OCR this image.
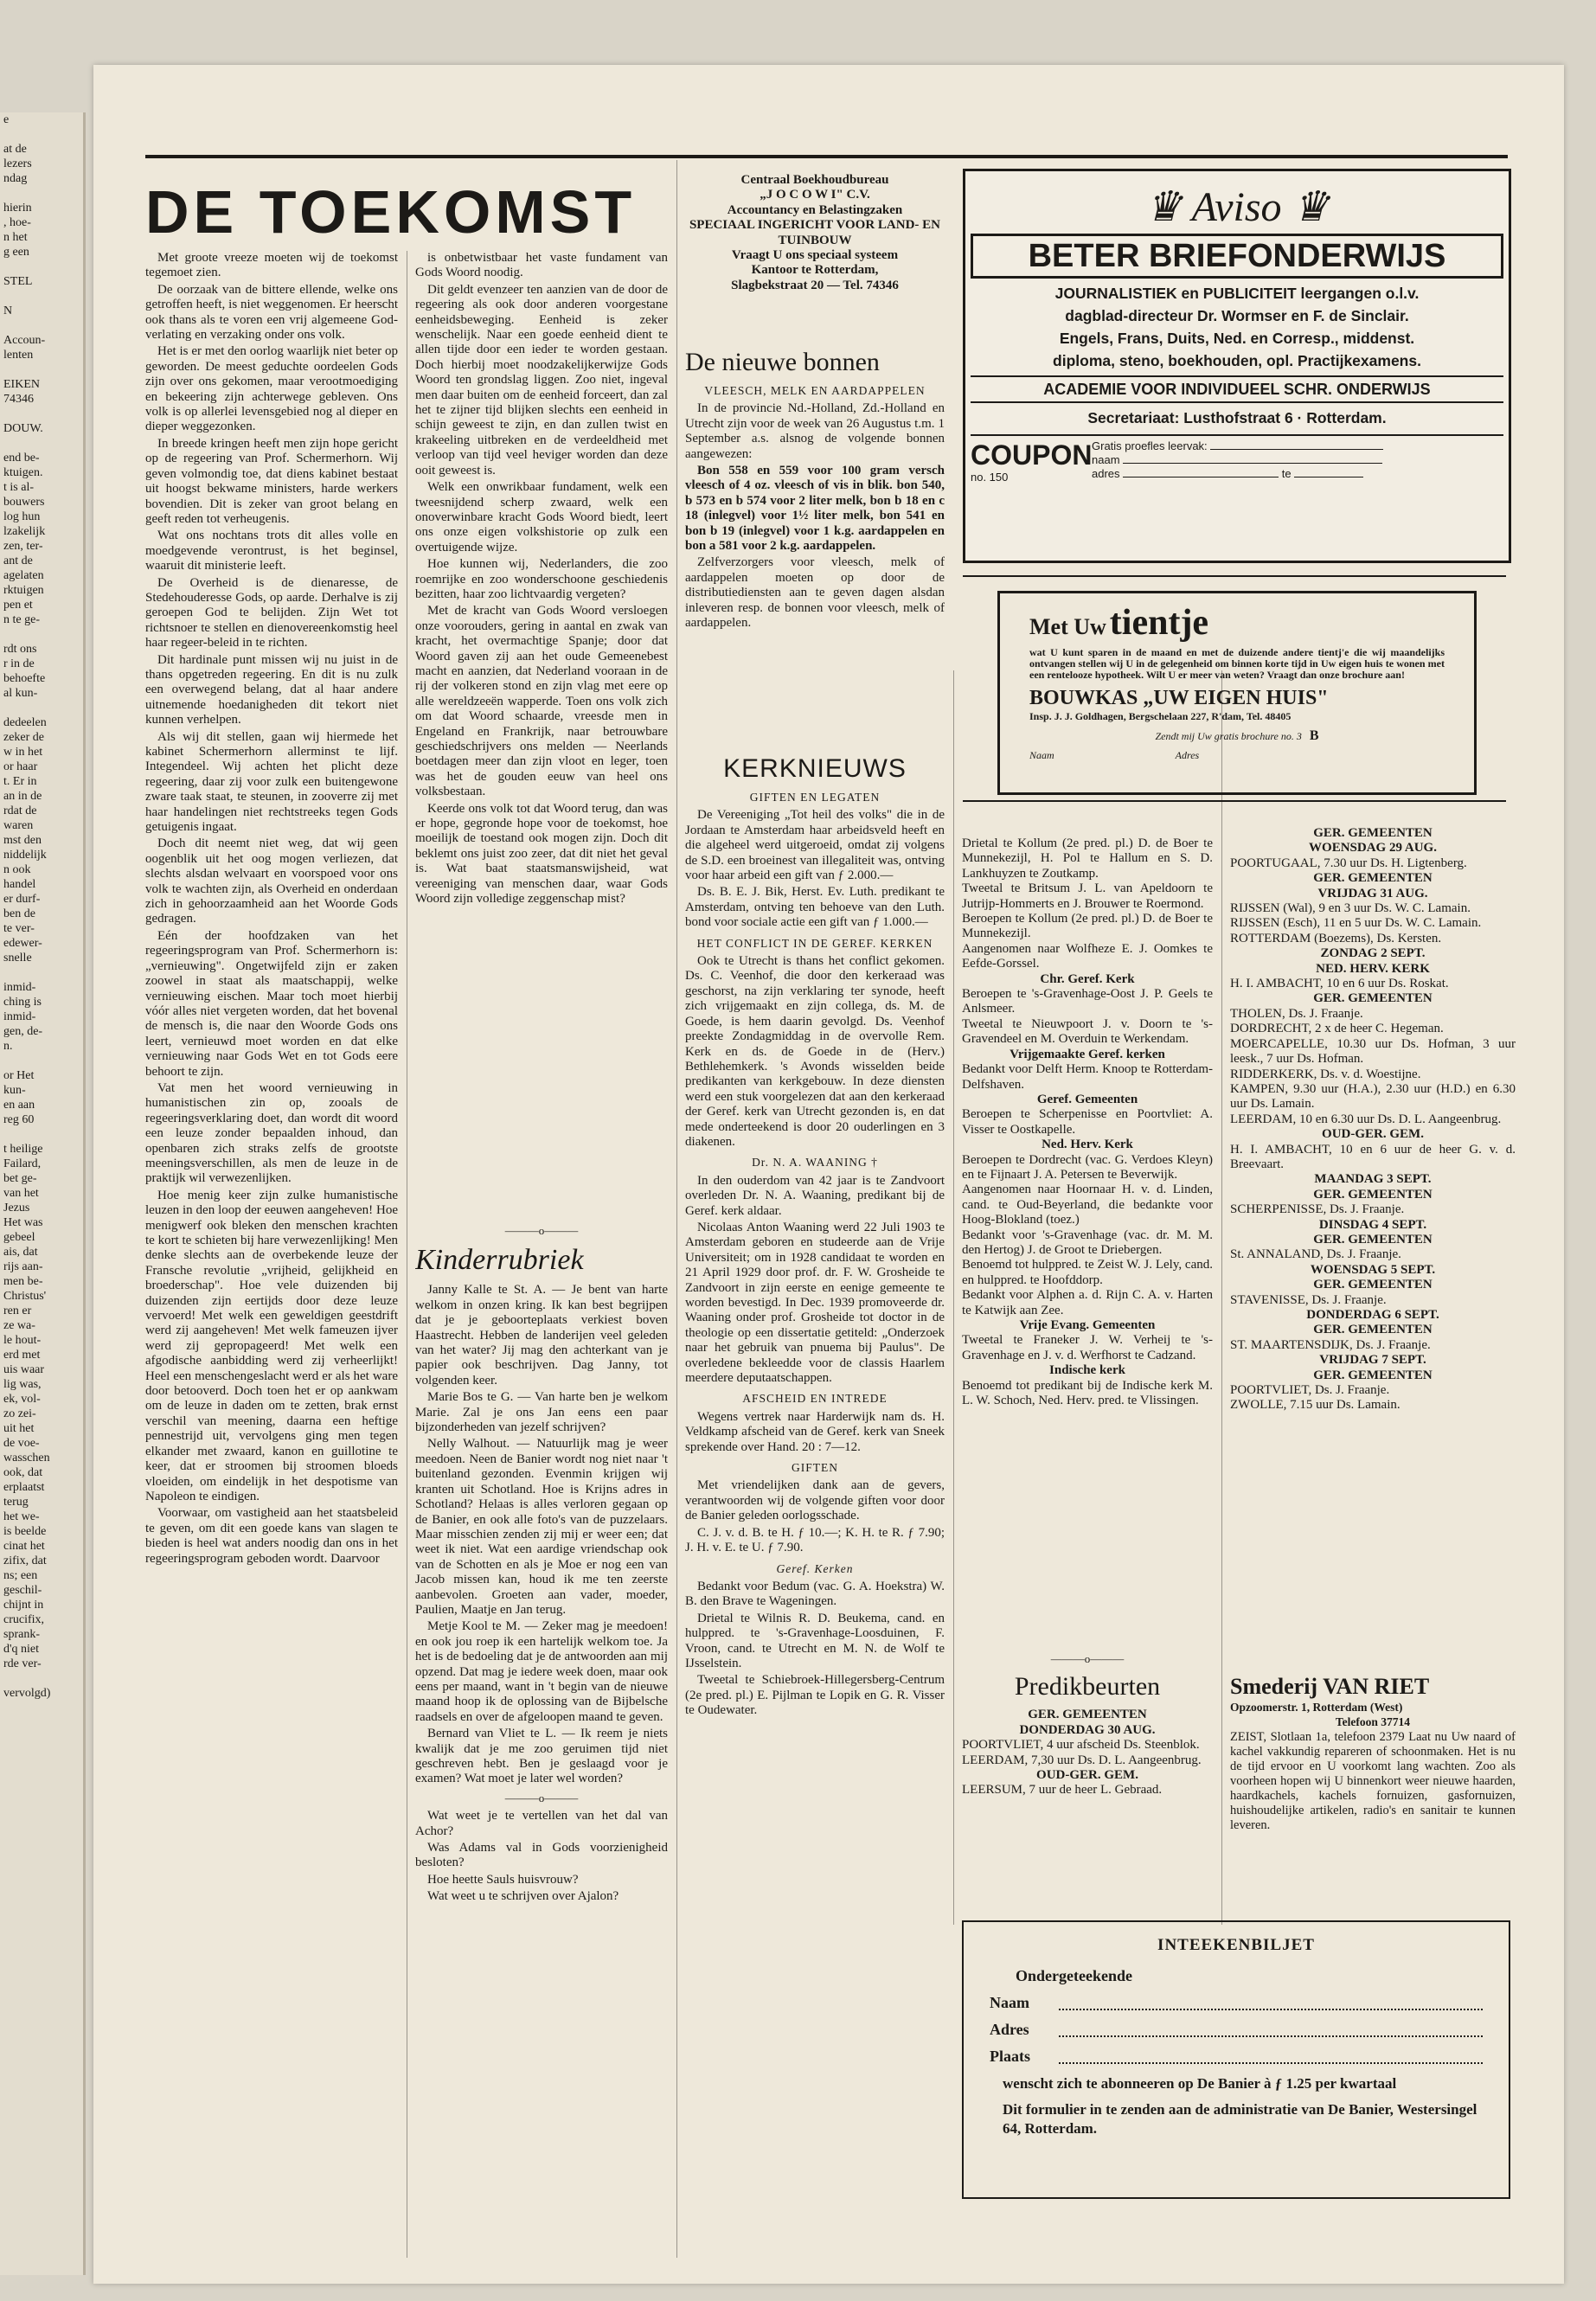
e

at de
lezers
ndag

hierin
, hoe-
n het
g een

STEL

N

Accoun-
lenten

EIKEN
74346

DOUW.

end be-
ktuigen.
t is al-
bouwers
log hun
lzakelijk
zen, ter-
ant de
agelaten
rktuigen
pen et
n te ge-

rdt ons
r in de
behoefte
al kun-

dedeelen
zeker de
w in het
or haar
t. Er in
an in de
rdat de
waren
mst den
niddelijk
n ook
handel
er durf-
ben de
te ver-
edewer-
snelle

inmid-
ching is
inmid-
gen, de-
n.

or Het
kun-
en aan
reg 60

t heilige
Failard,
bet ge-
van het
Jezus
Het was
gebeel
ais, dat
rijs aan-
men be-
Christus'
ren er
ze wa-
le hout-
erd met
uis waar
lig was,
ek, vol-
zo zei-
uit het
de voe-
wasschen
ook, dat
erplaatst
terug
het we-
is beelde
cinat het
zifix, dat
ns; een
geschil-
chijnt in
crucifix,
sprank-
d'q niet
rde ver-

vervolgd)

DE TOEKOMST

Met groote vreeze moeten wij de toekomst tegemoet zien.

De oorzaak van de bittere ellende, welke ons getroffen heeft, is niet weggenomen. Er heerscht ook thans als te voren een vrij algemeene God-verlating en verzaking onder ons volk.

Het is er met den oorlog waarlijk niet beter op geworden. De meest geduchte oordeelen Gods zijn over ons gekomen, maar verootmoediging en bekeering zijn achterwege gebleven. Ons volk is op allerlei levensgebied nog al dieper en dieper weggezonken.

In breede kringen heeft men zijn hope gericht op de regeering van Prof. Schermerhorn. Wij geven volmondig toe, dat diens kabinet bestaat uit hoogst bekwame ministers, harde werkers bovendien. Dit is zeker van groot belang en geeft reden tot verheugenis.

Wat ons nochtans trots dit alles volle en moedgevende verontrust, is het beginsel, waaruit dit ministerie leeft.

De Overheid is de dienaresse, de Stedehouderesse Gods, op aarde. Derhalve is zij geroepen God te belijden. Zijn Wet tot richtsnoer te stellen en dienovereenkomstig heel haar regeer-beleid in te richten.

Dit hardinale punt missen wij nu juist in de thans opgetreden regeering. En dit is nu zulk een overwegend belang, dat al haar andere uitnemende hoedanigheden dit tekort niet kunnen verhelpen.

Als wij dit stellen, gaan wij hiermede het kabinet Schermerhorn allerminst te lijf. Integendeel. Wij achten het plicht deze regeering, daar zij voor zulk een buitengewone zware taak staat, te steunen, in zooverre zij met haar handelingen niet rechtstreeks tegen Gods getuigenis ingaat.

Doch dit neemt niet weg, dat wij geen oogenblik uit het oog mogen verliezen, dat slechts alsdan welvaart en voorspoed voor ons volk te wachten zijn, als Overheid en onderdaan zich in gehoorzaamheid aan het Woorde Gods gedragen.

Eén der hoofdzaken van het regeeringsprogram van Prof. Schermerhorn is: „vernieuwing". Ongetwijfeld zijn er zaken zoowel in staat als maatschappij, welke vernieuwing eischen. Maar toch moet hierbij vóór alles niet vergeten worden, dat het bovenal de mensch is, die naar den Woorde Gods ons leert, vernieuwd moet worden en dat elke vernieuwing naar Gods Wet en tot Gods eere behoort te zijn.

Vat men het woord vernieuwing in humanistischen zin op, zooals de regeeringsverklaring doet, dan wordt dit woord een leuze zonder bepaalden inhoud, dan openbaren zich straks zelfs de grootste meeningsverschillen, als men de leuze in de praktijk wil verwezenlijken.

Hoe menig keer zijn zulke humanistische leuzen in den loop der eeuwen aangeheven! Hoe menigwerf ook bleken den menschen krachten te kort te schieten bij hare verwezenlijking! Men denke slechts aan de overbekende leuze der Fransche revolutie „vrijheid, gelijkheid en broederschap". Hoe vele duizenden bij duizenden zijn eertijds door deze leuze vervoerd! Met welk een geweldigen geestdrift werd zij aangeheven! Met welk fameuzen ijver werd zij gepropageerd! Met welk een afgodische aanbidding werd zij verheerlijkt! Heel een menschengeslacht werd er als het ware door betooverd. Doch toen het er op aankwam om de leuze in daden om te zetten, brak ernst verschil van meening, daarna een heftige pennestrijd uit, vervolgens ging men tegen elkander met zwaard, kanon en guillotine te keer, dat er stroomen bij stroomen bloeds vloeiden, om eindelijk in het despotisme van Napoleon te eindigen.

Voorwaar, om vastigheid aan het staatsbeleid te geven, om dit een goede kans van slagen te bieden is heel wat anders noodig dan ons in het regeeringsprogram geboden wordt. Daarvoor

is onbetwistbaar het vaste fundament van Gods Woord noodig.

Dit geldt evenzeer ten aanzien van de door de regeering als ook door anderen voorgestane eenheidsbeweging. Eenheid is zeker wenschelijk. Naar een goede eenheid dient te allen tijde door een ieder te worden gestaan. Doch hierbij moet noodzakelijkerwijze Gods Woord ten grondslag liggen. Zoo niet, ingeval men daar buiten om de eenheid forceert, dan zal het te zijner tijd blijken slechts een eenheid in schijn geweest te zijn, en dan zullen twist en krakeeling uitbreken en de verdeeldheid met verloop van tijd veel heviger worden dan deze ooit geweest is.

Welk een onwrikbaar fundament, welk een tweesnijdend scherp zwaard, welk een onoverwinbare kracht Gods Woord biedt, leert ons onze eigen volkshistorie op zulk een overtuigende wijze.

Hoe kunnen wij, Nederlanders, die zoo roemrijke en zoo wonderschoone geschiedenis bezitten, haar zoo lichtvaardig vergeten?

Met de kracht van Gods Woord versloegen onze voorouders, gering in aantal en zwak van kracht, het overmachtige Spanje; door dat Woord gaven zij aan het oude Gemeenebest macht en aanzien, dat Nederland vooraan in de rij der volkeren stond en zijn vlag met eere op alle wereldzeeën wapperde. Toen ons volk zich om dat Woord schaarde, vreesde men in Engeland en Frankrijk, naar betrouwbare geschiedschrijvers ons melden — Neerlands boetdagen meer dan zijn vloot en leger, toen was het de gouden eeuw van heel ons volksbestaan.

Keerde ons volk tot dat Woord terug, dan was er hope, gegronde hope voor de toekomst, hoe moeilijk de toestand ook mogen zijn. Doch dit beklemt ons juist zoo zeer, dat dit niet het geval is. Wat baat staatsmanswijsheid, wat vereeniging van menschen daar, waar Gods Woord zijn volledige zeggenschap mist?

———o———
Kinderrubriek

Janny Kalle te St. A. — Je bent van harte welkom in onzen kring. Ik kan best begrijpen dat je je geboorteplaats verkiest boven Haastrecht. Hebben de landerijen veel geleden van het water? Jij mag den achterkant van je papier ook beschrijven. Dag Janny, tot volgenden keer.

Marie Bos te G. — Van harte ben je welkom Marie. Zal je ons Jan eens een paar bijzonderheden van jezelf schrijven?

Nelly Walhout. — Natuurlijk mag je weer meedoen. Neen de Banier wordt nog niet naar 't buitenland gezonden. Evenmin krijgen wij kranten uit Schotland. Hoe is Krijns adres in Schotland? Helaas is alles verloren gegaan op de Banier, en ook alle foto's van de puzzelaars. Maar misschien zenden zij mij er weer een; dat weet ik niet. Wat een aardige vriendschap ook van de Schotten en als je Moe er nog een van Jacob missen kan, houd ik me ten zeerste aanbevolen. Groeten aan vader, moeder, Paulien, Maatje en Jan terug.

Metje Kool te M. — Zeker mag je meedoen! en ook jou roep ik een hartelijk welkom toe. Ja het is de bedoeling dat je de antwoorden aan mij opzend. Dat mag je iedere week doen, maar ook eens per maand, want in 't begin van de nieuwe maand hoop ik de oplossing van de Bijbelsche raadsels en over de afgeloopen maand te geven.

Bernard van Vliet te L. — Ik reem je niets kwalijk dat je me zoo geruimen tijd niet geschreven hebt. Ben je geslaagd voor je examen? Wat moet je later wel worden?

———o———

Wat weet je te vertellen van het dal van Achor?

Was Adams val in Gods voorzienigheid besloten?

Hoe heette Sauls huisvrouw?

Wat weet u te schrijven over Ajalon?

Centraal Boekhoudbureau
„J O C O W I" C.V.
Accountancy en Belastingzaken
SPECIAAL INGERICHT VOOR LAND- EN TUINBOUW
Vraagt U ons speciaal systeem
Kantoor te Rotterdam,
Slagbekstraat 20 — Tel. 74346
De nieuwe bonnen
VLEESCH, MELK EN AARDAPPELEN

In de provincie Nd.-Holland, Zd.-Holland en Utrecht zijn voor de week van 26 Augustus t.m. 1 September a.s. alsnog de volgende bonnen aangewezen:

Bon 558 en 559 voor 100 gram versch vleesch of 4 oz. vleesch of vis in blik. bon 540, b 573 en b 574 voor 2 liter melk, bon b 18 en c 18 (inlegvel) voor 1½ liter melk, bon 541 en bon b 19 (inlegvel) voor 1 k.g. aardappelen en bon a 581 voor 2 k.g. aardappelen.

Zelfverzorgers voor vleesch, melk of aardappelen moeten op door de distributiediensten aan te geven dagen alsdan inleveren resp. de bonnen voor vleesch, melk of aardappelen.

KERKNIEUWS
GIFTEN EN LEGATEN

De Vereeniging „Tot heil des volks" die in de Jordaan te Amsterdam haar arbeidsveld heeft en die algeheel werd uitgeroeid, omdat zij volgens de S.D. een broeinest van illegaliteit was, ontving voor haar arbeid een gift van ƒ 2.000.—

Ds. B. E. J. Bik, Herst. Ev. Luth. predikant te Amsterdam, ontving ten behoeve van den Luth. bond voor sociale actie een gift van ƒ 1.000.—

HET CONFLICT IN DE GEREF. KERKEN

Ook te Utrecht is thans het conflict gekomen. Ds. C. Veenhof, die door den kerkeraad was geschorst, na zijn verklaring ter synode, heeft zich vrijgemaakt en zijn collega, ds. M. de Goede, is hem daarin gevolgd. Ds. Veenhof preekte Zondagmiddag in de overvolle Rem. Kerk en ds. de Goede in de (Herv.) Bethlehemkerk. 's Avonds wisselden beide predikanten van kerkgebouw. In deze diensten werd een stuk voorgelezen dat aan den kerkeraad der Geref. kerk van Utrecht gezonden is, en dat mede onderteekend is door 20 ouderlingen en 3 diakenen.

Dr. N. A. WAANING †

In den ouderdom van 42 jaar is te Zandvoort overleden Dr. N. A. Waaning, predikant bij de Geref. kerk aldaar.

Nicolaas Anton Waaning werd 22 Juli 1903 te Amsterdam geboren en studeerde aan de Vrije Universiteit; om in 1928 candidaat te worden en 21 April 1929 door prof. dr. F. W. Grosheide te Zandvoort in zijn eerste en eenige gemeente te worden bevestigd. In Dec. 1939 promoveerde dr. Waaning onder prof. Grosheide tot doctor in de theologie op een dissertatie getiteld: „Onderzoek naar het gebruik van pnuema bij Paulus". De overledene bekleedde voor de classis Haarlem meerdere deputaatschappen.

AFSCHEID EN INTREDE

Wegens vertrek naar Harderwijk nam ds. H. Veldkamp afscheid van de Geref. kerk van Sneek sprekende over Hand. 20 : 7—12.

GIFTEN

Met vriendelijken dank aan de gevers, verantwoorden wij de volgende giften voor door de Banier geleden oorlogsschade.

C. J. v. d. B. te H. ƒ 10.—; K. H. te R. ƒ 7.90; J. H. v. E. te U. ƒ 7.90.

Geref. Kerken

Bedankt voor Bedum (vac. G. A. Hoekstra) W. B. den Brave te Wageningen.

Drietal te Wilnis R. D. Beukema, cand. en hulppred. te 's-Gravenhage-Loosduinen, F. Vroon, cand. te Utrecht en M. N. de Wolf te IJsselstein.

Tweetal te Schiebroek-Hillegersberg-Centrum (2e pred. pl.) E. Pijlman te Lopik en G. R. Visser te Oudewater.

Drietal te Kollum (2e pred. pl.) D. de Boer te Munnekezijl, H. Pol te Hallum en S. D. Lankhuyzen te Zoutkamp.

Tweetal te Britsum J. L. van Apeldoorn te Jutrijp-Hommerts en J. Brouwer te Roermond.

Beroepen te Kollum (2e pred. pl.) D. de Boer te Munnekezijl.

Aangenomen naar Wolfheze E. J. Oomkes te Eefde-Gorssel.

Chr. Geref. Kerk

Beroepen te 's-Gravenhage-Oost J. P. Geels te Anlsmeer.

Tweetal te Nieuwpoort J. v. Doorn te 's-Gravendeel en M. Overduin te Werkendam.

Vrijgemaakte Geref. kerken

Bedankt voor Delft Herm. Knoop te Rotterdam-Delfshaven.

Geref. Gemeenten

Beroepen te Scherpenisse en Poortvliet: A. Visser te Oostkapelle.

Ned. Herv. Kerk

Beroepen te Dordrecht (vac. G. Verdoes Kleyn) en te Fijnaart J. A. Petersen te Beverwijk.

Aangenomen naar Hoornaar H. v. d. Linden, cand. te Oud-Beyerland, die bedankte voor Hoog-Blokland (toez.)

Bedankt voor 's-Gravenhage (vac. dr. M. M. den Hertog) J. de Groot te Driebergen.

Benoemd tot hulppred. te Zeist W. J. Lely, cand. en hulppred. te Hoofddorp.

Bedankt voor Alphen a. d. Rijn C. A. v. Harten te Katwijk aan Zee.

Vrije Evang. Gemeenten

Tweetal te Franeker J. W. Verheij te 's-Gravenhage en J. v. d. Werfhorst te Cadzand.

Indische kerk

Benoemd tot predikant bij de Indische kerk M. L. W. Schoch, Ned. Herv. pred. te Vlissingen.

———o———
Predikbeurten
GER. GEMEENTEN
DONDERDAG 30 AUG.

POORTVLIET, 4 uur afscheid Ds. Steenblok.

LEERDAM, 7,30 uur Ds. D. L. Aangeenbrug.

OUD-GER. GEM.

LEERSUM, 7 uur de heer L. Gebraad.

GER. GEMEENTEN
WOENSDAG 29 AUG.

POORTUGAAL, 7.30 uur Ds. H. Ligtenberg.

GER. GEMEENTEN
VRIJDAG 31 AUG.

RIJSSEN (Wal), 9 en 3 uur Ds. W. C. Lamain.

RIJSSEN (Esch), 11 en 5 uur Ds. W. C. Lamain.

ROTTERDAM (Boezems), Ds. Kersten.

ZONDAG 2 SEPT.
NED. HERV. KERK

H. I. AMBACHT, 10 en 6 uur Ds. Roskat.

GER. GEMEENTEN

THOLEN, Ds. J. Fraanje.

DORDRECHT, 2 x de heer C. Hegeman.

MOERCAPELLE, 10.30 uur Ds. Hofman, 3 uur leesk., 7 uur Ds. Hofman.

RIDDERKERK, Ds. v. d. Woestijne.

KAMPEN, 9.30 uur (H.A.), 2.30 uur (H.D.) en 6.30 uur Ds. Lamain.

LEERDAM, 10 en 6.30 uur Ds. D. L. Aangeenbrug.

OUD-GER. GEM.

H. I. AMBACHT, 10 en 6 uur de heer G. v. d. Breevaart.

MAANDAG 3 SEPT.
GER. GEMEENTEN

SCHERPENISSE, Ds. J. Fraanje.

DINSDAG 4 SEPT.
GER. GEMEENTEN

St. ANNALAND, Ds. J. Fraanje.

WOENSDAG 5 SEPT.
GER. GEMEENTEN

STAVENISSE, Ds. J. Fraanje.

DONDERDAG 6 SEPT.
GER. GEMEENTEN

ST. MAARTENSDIJK, Ds. J. Fraanje.

VRIJDAG 7 SEPT.
GER. GEMEENTEN

POORTVLIET, Ds. J. Fraanje.

ZWOLLE, 7.15 uur Ds. Lamain.

Smederij VAN RIET
Opzoomerstr. 1, Rotterdam (West)
Telefoon 37714

ZEIST, Slotlaan 1a, telefoon 2379 Laat nu Uw naard of kachel vakkundig repareren of schoonmaken. Het is nu de tijd ervoor en U voorkomt lang wachten. Zoo als voorheen hopen wij U binnenkort weer nieuwe haarden, haardkachels, kachels fornuizen, gasfornuizen, huishoudelijke artikelen, radio's en sanitair te kunnen leveren.

♛ Aviso ♛
BETER BRIEFONDERWIJS
JOURNALISTIEK en PUBLICITEIT leergangen o.l.v.
dagblad-directeur Dr. Wormser en F. de Sinclair.
Engels, Frans, Duits, Ned. en Corresp., middenst.
diploma, steno, boekhouden, opl. Practijkexamens.
ACADEMIE VOOR INDIVIDUEEL SCHR. ONDERWIJS
Secretariaat: Lusthofstraat 6 · Rotterdam.
COUPON
no. 150
Gratis proefles leervak:
naam
adres	te
Met Uw tientje

wat U kunt sparen in de maand en met de duizende andere tientj'e die wij maandelijks ontvangen stellen wij U in de gelegenheid om binnen korte tijd in Uw eigen huis te wonen met een rentelooze hypotheek. Wilt U er meer van weten? Vraagt dan onze brochure aan!

BOUWKAS „UW EIGEN HUIS"
Insp. J. J. Goldhagen, Bergschelaan 227, R'dam, Tel. 48405
Zendt mij Uw gratis brochure no. 3 B
Naam	Adres
INTEEKENBILJET
Ondergeteekende
Naam
Adres
Plaats

wenscht zich te abonneeren op De Banier à ƒ 1.25 per kwartaal

Dit formulier in te zenden aan de administratie van De Banier, Westersingel 64, Rotterdam.
